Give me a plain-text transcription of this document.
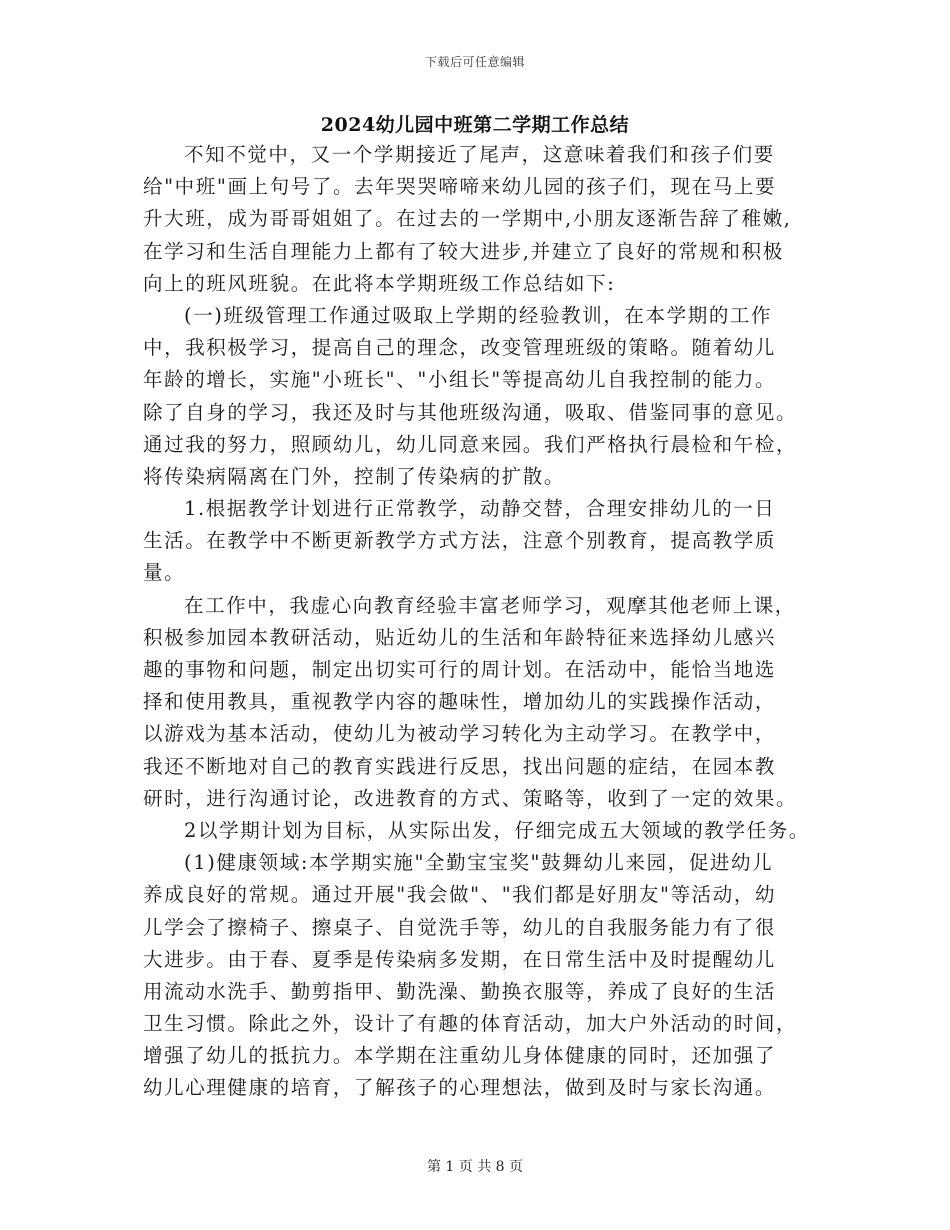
下载后可任意编辑
2024幼儿园中班第二学期工作总结
不知不觉中，又一个学期接近了尾声，这意味着我们和孩子们要
给"中班"画上句号了。去年哭哭啼啼来幼儿园的孩子们，现在马上要
升大班，成为哥哥姐姐了。在过去的一学期中,小朋友逐渐告辞了稚嫩,
在学习和生活自理能力上都有了较大进步,并建立了良好的常规和积极
向上的班风班貌。在此将本学期班级工作总结如下:
(一)班级管理工作通过吸取上学期的经验教训，在本学期的工作
中，我积极学习，提高自己的理念，改变管理班级的策略。随着幼儿
年龄的增长，实施"小班长"、"小组长"等提高幼儿自我控制的能力。
除了自身的学习，我还及时与其他班级沟通，吸取、借鉴同事的意见。
通过我的努力，照顾幼儿，幼儿同意来园。我们严格执行晨检和午检，
将传染病隔离在门外，控制了传染病的扩散。
1.根据教学计划进行正常教学，动静交替，合理安排幼儿的一日
生活。在教学中不断更新教学方式方法，注意个别教育，提高教学质
量。
在工作中，我虚心向教育经验丰富老师学习，观摩其他老师上课，
积极参加园本教研活动，贴近幼儿的生活和年龄特征来选择幼儿感兴
趣的事物和问题，制定出切实可行的周计划。在活动中，能恰当地选
择和使用教具，重视教学内容的趣味性，增加幼儿的实践操作活动，
以游戏为基本活动，使幼儿为被动学习转化为主动学习。在教学中，
我还不断地对自己的教育实践进行反思，找出问题的症结，在园本教
研时，进行沟通讨论，改进教育的方式、策略等，收到了一定的效果。
2以学期计划为目标，从实际出发，仔细完成五大领域的教学任务。
(1)健康领域:本学期实施"全勤宝宝奖"鼓舞幼儿来园，促进幼儿
养成良好的常规。通过开展"我会做"、"我们都是好朋友"等活动，幼
儿学会了擦椅子、擦桌子、自觉洗手等，幼儿的自我服务能力有了很
大进步。由于春、夏季是传染病多发期，在日常生活中及时提醒幼儿
用流动水洗手、勤剪指甲、勤洗澡、勤换衣服等，养成了良好的生活
卫生习惯。除此之外，设计了有趣的体育活动，加大户外活动的时间，
增强了幼儿的抵抗力。本学期在注重幼儿身体健康的同时，还加强了
幼儿心理健康的培育，了解孩子的心理想法，做到及时与家长沟通。
第 1 页 共 8 页
